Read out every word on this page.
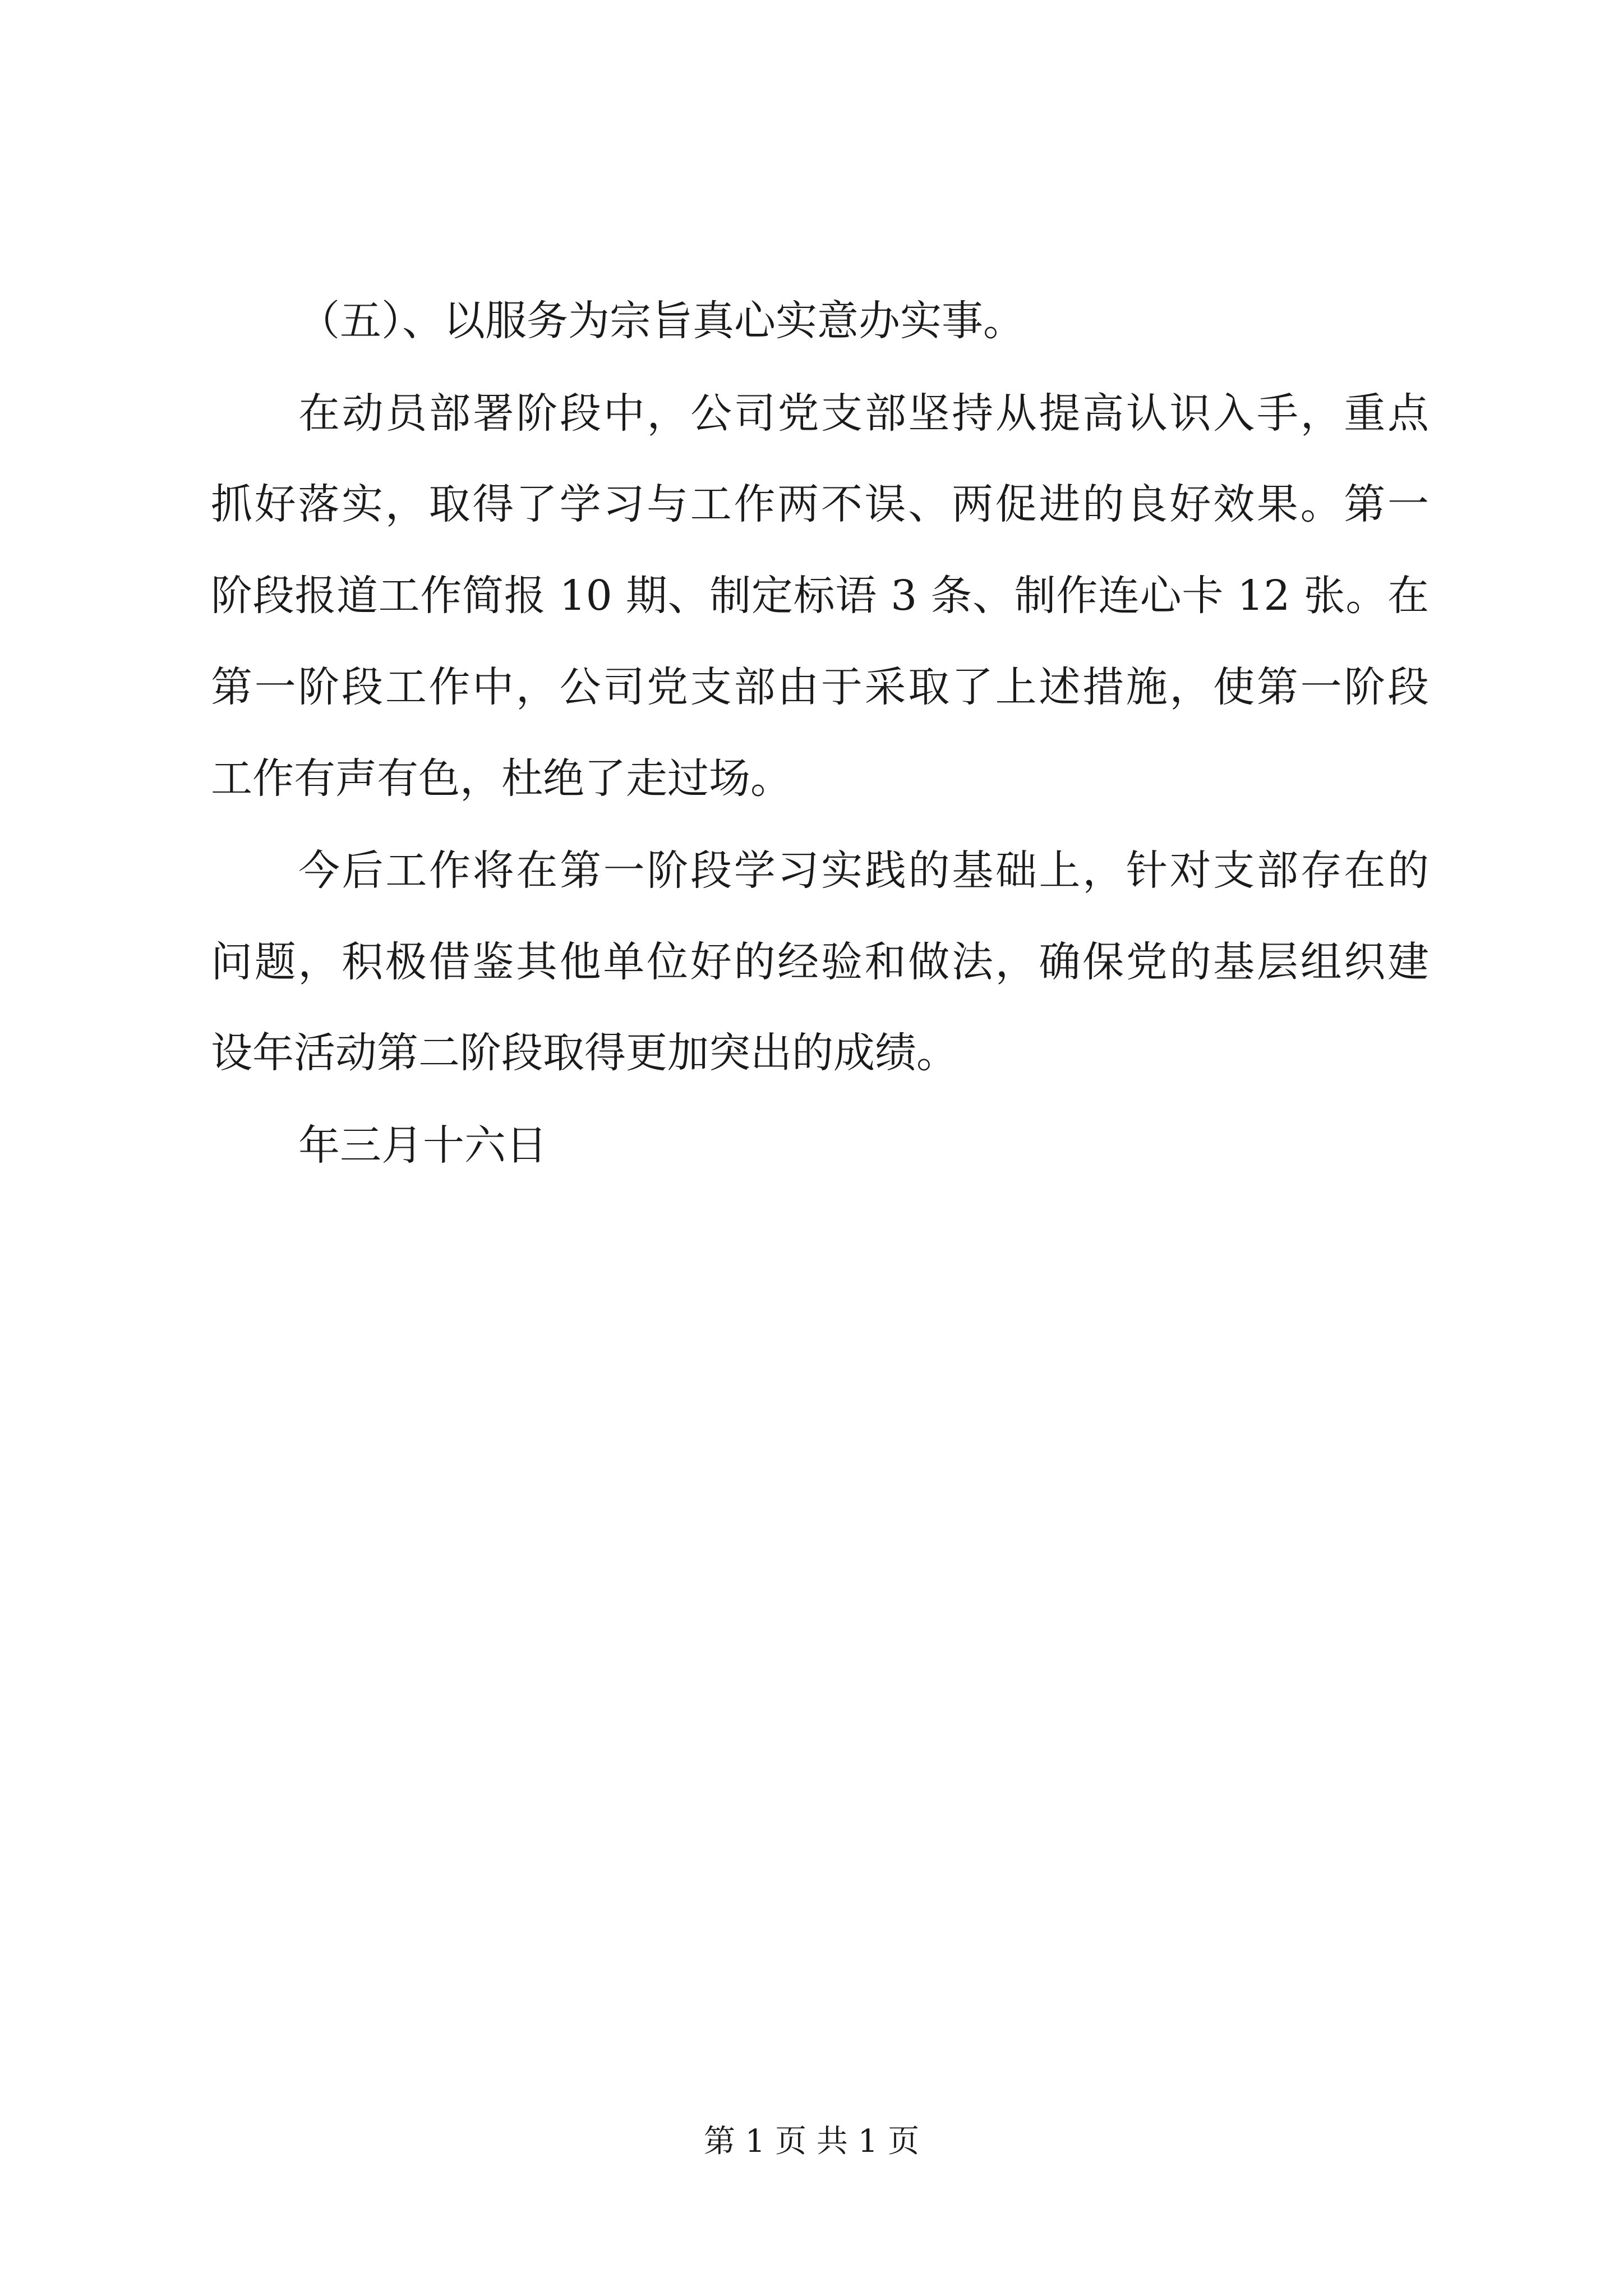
（五）、以服务为宗旨真心实意办实事。
在动员部署阶段中，公司党支部坚持从提高认识入手，重点
抓好落实，取得了学习与工作两不误、两促进的良好效果。第一
阶段报道工作简报 10 期、制定标语 3 条、制作连心卡 12 张。在
第一阶段工作中，公司党支部由于采取了上述措施，使第一阶段
工作有声有色，杜绝了走过场。
今后工作将在第一阶段学习实践的基础上，针对支部存在的
问题，积极借鉴其他单位好的经验和做法，确保党的基层组织建
设年活动第二阶段取得更加突出的成绩。
年三月十六日
第 1 页 共 1 页
